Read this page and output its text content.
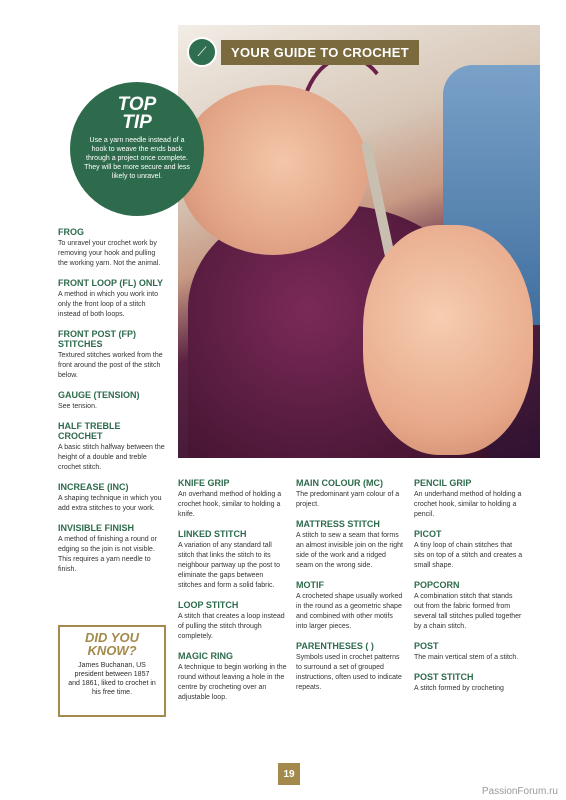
⟋	YOUR GUIDE TO CROCHET
TOP
TIP

Use a yarn needle instead of a hook to weave the ends back through a project once complete. They will be more secure and less likely to unravel.

FROG
To unravel your crochet work by removing your hook and pulling the working yarn. Not the animal.
FRONT LOOP (FL) ONLY
A method in which you work into only the front loop of a stitch instead of both loops.
FRONT POST (FP) STITCHES
Textured stitches worked from the front around the post of the stitch below.
GAUGE (TENSION)
See tension.
HALF TREBLE CROCHET
A basic stitch halfway between the height of a double and treble crochet stitch.
INCREASE (INC)
A shaping technique in which you add extra stitches to your work.
INVISIBLE FINISH
A method of finishing a round or edging so the join is not visible. This requires a yarn needle to finish.
DID YOU
KNOW?

James Buchanan, US president between 1857 and 1861, liked to crochet in his free time.

KNIFE GRIP
An overhand method of holding a crochet hook, similar to holding a knife.
LINKED STITCH
A variation of any standard tall stitch that links the stitch to its neighbour partway up the post to eliminate the gaps between stitches and form a solid fabric.
LOOP STITCH
A stitch that creates a loop instead of pulling the stitch through completely.
MAGIC RING
A technique to begin working in the round without leaving a hole in the centre by crocheting over an adjustable loop.
MAIN COLOUR (MC)
The predominant yarn colour of a project.
MATTRESS STITCH
A stitch to sew a seam that forms an almost invisible join on the right side of the work and a ridged seam on the wrong side.
MOTIF
A crocheted shape usually worked in the round as a geometric shape and combined with other motifs into larger pieces.
PARENTHESES ( )
Symbols used in crochet patterns to surround a set of grouped instructions, often used to indicate repeats.
PENCIL GRIP
An underhand method of holding a crochet hook, similar to holding a pencil.
PICOT
A tiny loop of chain stitches that sits on top of a stitch and creates a small shape.
POPCORN
A combination stitch that stands out from the fabric formed from several tall stitches pulled together by a chain stitch.
POST
The main vertical stem of a stitch.
POST STITCH
A stitch formed by crocheting
19
PassionForum.ru
